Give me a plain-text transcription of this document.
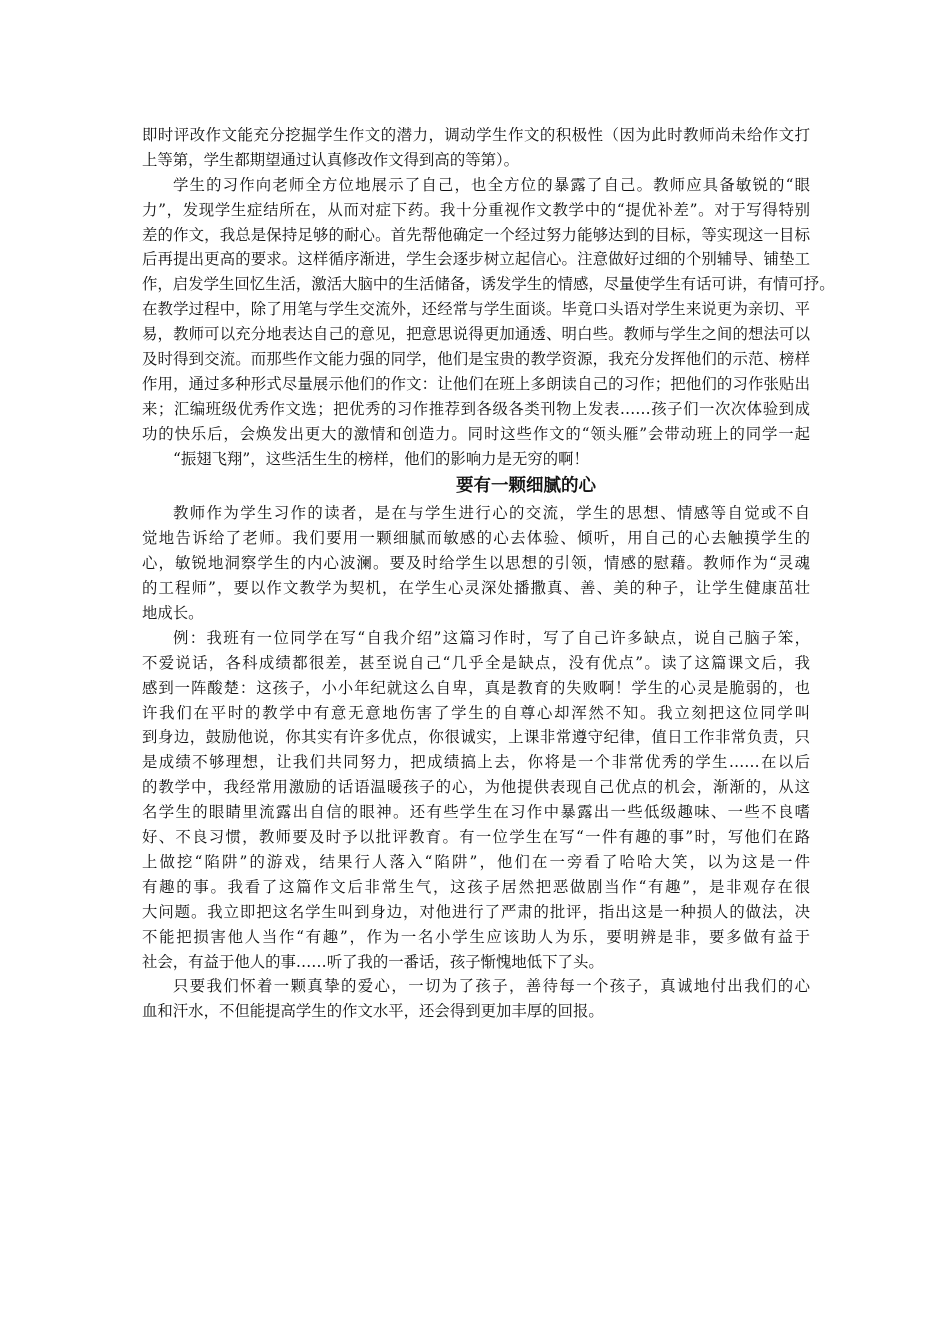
即时评改作文能充分挖掘学生作文的潜力，调动学生作文的积极性（因为此时教师尚未给作文打
上等第，学生都期望通过认真修改作文得到高的等第）。
学生的习作向老师全方位地展示了自己，也全方位的暴露了自己。教师应具备敏锐的“眼
力”，发现学生症结所在，从而对症下药。我十分重视作文教学中的“提优补差”。对于写得特别
差的作文，我总是保持足够的耐心。首先帮他确定一个经过努力能够达到的目标，等实现这一目标
后再提出更高的要求。这样循序渐进，学生会逐步树立起信心。注意做好过细的个别辅导、铺垫工
作，启发学生回忆生活，激活大脑中的生活储备，诱发学生的情感，尽量使学生有话可讲，有情可抒。
在教学过程中，除了用笔与学生交流外，还经常与学生面谈。毕竟口头语对学生来说更为亲切、平
易，教师可以充分地表达自己的意见，把意思说得更加通透、明白些。教师与学生之间的想法可以
及时得到交流。而那些作文能力强的同学，他们是宝贵的教学资源，我充分发挥他们的示范、榜样
作用，通过多种形式尽量展示他们的作文：让他们在班上多朗读自己的习作；把他们的习作张贴出
来；汇编班级优秀作文选；把优秀的习作推荐到各级各类刊物上发表……孩子们一次次体验到成
功的快乐后，会焕发出更大的激情和创造力。同时这些作文的“领头雁”会带动班上的同学一起
“振翅飞翔”，这些活生生的榜样，他们的影响力是无穷的啊！
要有一颗细腻的心
教师作为学生习作的读者，是在与学生进行心的交流，学生的思想、情感等自觉或不自
觉地告诉给了老师。我们要用一颗细腻而敏感的心去体验、倾听，用自己的心去触摸学生的
心，敏锐地洞察学生的内心波澜。要及时给学生以思想的引领，情感的慰藉。教师作为“灵魂
的工程师”，要以作文教学为契机，在学生心灵深处播撒真、善、美的种子，让学生健康茁壮
地成长。
例：我班有一位同学在写“自我介绍”这篇习作时，写了自己许多缺点，说自己脑子笨，
不爱说话，各科成绩都很差，甚至说自己“几乎全是缺点，没有优点”。读了这篇课文后，我
感到一阵酸楚：这孩子，小小年纪就这么自卑，真是教育的失败啊！学生的心灵是脆弱的，也
许我们在平时的教学中有意无意地伤害了学生的自尊心却浑然不知。我立刻把这位同学叫
到身边，鼓励他说，你其实有许多优点，你很诚实，上课非常遵守纪律，值日工作非常负责，只
是成绩不够理想，让我们共同努力，把成绩搞上去，你将是一个非常优秀的学生……在以后
的教学中，我经常用激励的话语温暖孩子的心，为他提供表现自己优点的机会，渐渐的，从这
名学生的眼睛里流露出自信的眼神。还有些学生在习作中暴露出一些低级趣味、一些不良嗜
好、不良习惯，教师要及时予以批评教育。有一位学生在写“一件有趣的事”时，写他们在路
上做挖“陷阱”的游戏，结果行人落入“陷阱”，他们在一旁看了哈哈大笑，以为这是一件
有趣的事。我看了这篇作文后非常生气，这孩子居然把恶做剧当作“有趣”，是非观存在很
大问题。我立即把这名学生叫到身边，对他进行了严肃的批评，指出这是一种损人的做法，决
不能把损害他人当作“有趣”，作为一名小学生应该助人为乐，要明辨是非，要多做有益于
社会，有益于他人的事……听了我的一番话，孩子惭愧地低下了头。
只要我们怀着一颗真挚的爱心，一切为了孩子，善待每一个孩子，真诚地付出我们的心
血和汗水，不但能提高学生的作文水平，还会得到更加丰厚的回报。
